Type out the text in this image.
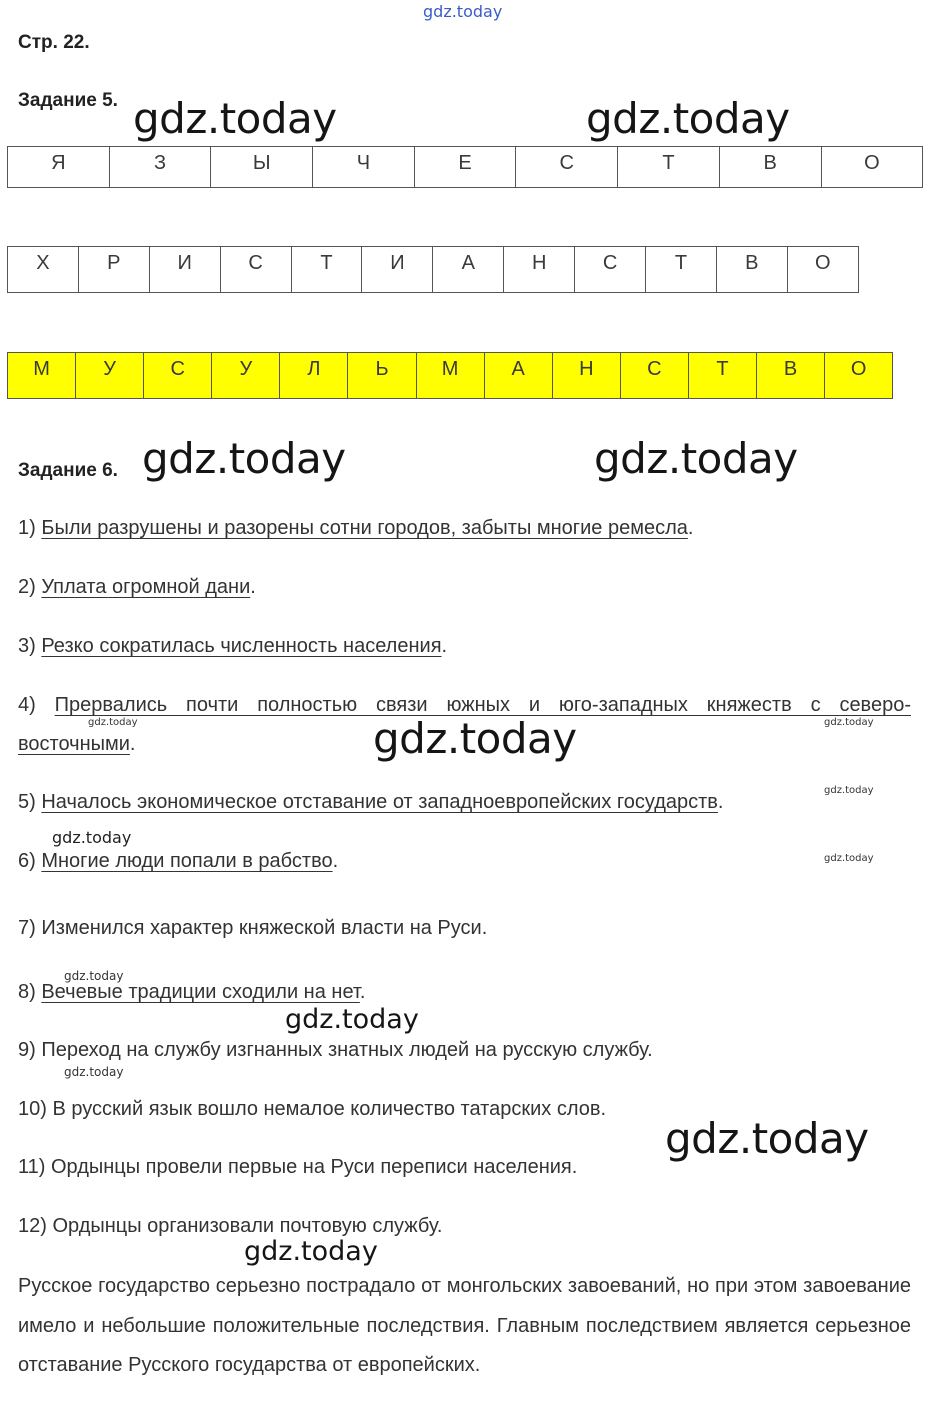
gdz.today
Стр. 22.
Задание 5.
Я	З	Ы	Ч	Е	С	Т	В	О
Х	Р	И	С	Т	И	А	Н	С	Т	В	О
М	У	С	У	Л	Ь	М	А	Н	С	Т	В	О
Задание 6.
1) Были разрушены и разорены сотни городов, забыты многие ремесла.
2) Уплата огромной дани.
3) Резко сократилась численность населения.
4) Прервались почти полностью связи южных и юго-западных княжеств с северо-
восточными.
5) Началось экономическое отставание от западноевропейских государств.
6) Многие люди попали в рабство.
7) Изменился характер княжеской власти на Руси.
8) Вечевые традиции сходили на нет.
9) Переход на службу изгнанных знатных людей на русскую службу.
10) В русский язык вошло немалое количество татарских слов.
11) Ордынцы провели первые на Руси переписи населения.
12) Ордынцы организовали почтовую службу.
Русское государство серьезно пострадало от монгольских завоеваний, но при этом завоевание имело и небольшие положительные последствия. Главным последствием является серьезное отставание Русского государства от европейских.
gdz.today	gdz.today
gdz.today	gdz.today
gdz.today
gdz.today
gdz.today
gdz.today
gdz.today
gdz.today	gdz.today
gdz.today
gdz.today
gdz.today
gdz.today
